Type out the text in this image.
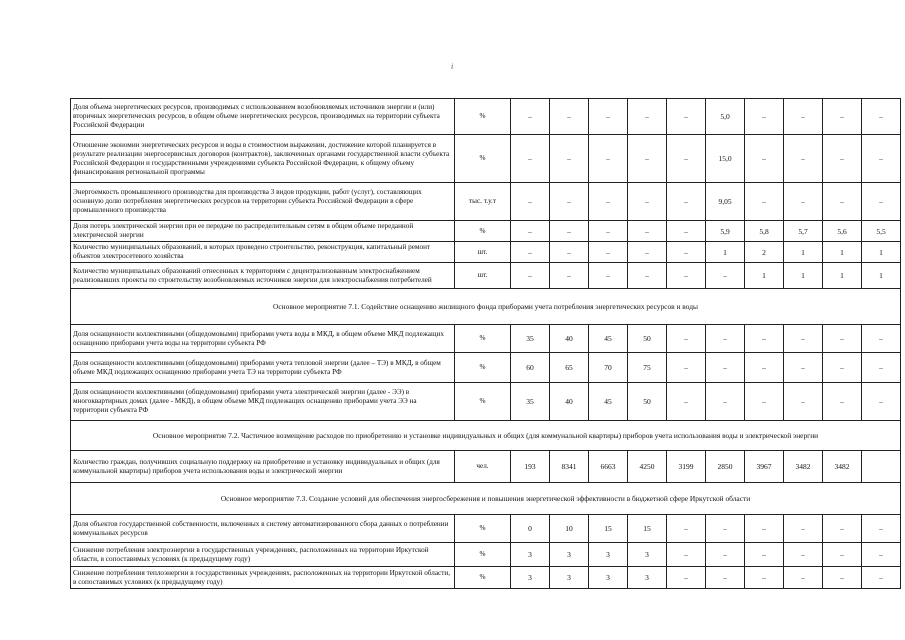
і
Доля объема энергетических ресурсов, производимых с использованием возобновляемых источников энергии и (или) вторичных энергетических ресурсов, в общем объеме энергетических ресурсов, производимых на территории субъекта Российской Федерации	%	–	–	–	–	–	5,0	–	–	–	–
Отношение экономии энергетических ресурсов и воды в стоимостном выражении, достижение которой планируется в результате реализации энергосервисных договоров (контрактов), заключенных органами государственной власти субъекта Российской Федерации и государственными учреждениями субъекта Российской Федерации, к общему объему финансирования региональной программы	%	–	–	–	–	–	15,0	–	–	–	–
Энергоемкость промышленного производства для производства 3 видов продукции, работ (услуг), составляющих основную долю потребления энергетических ресурсов на территории субъекта Российской Федерации в сфере промышленного производства	тыс. т.у.т	–	–	–	–	–	9,05	–	–	–	–
Доля потерь электрической энергии при ее передаче по распределительным сетям в общем объеме переданной электрической энергии	%	–	–	–	–	–	5,9	5,8	5,7	5,6	5,5
Количество муниципальных образований, в которых проведено строительство, реконструкция, капитальный ремонт объектов электросетевого хозяйства	шт.	–	–	–	–	–	1	2	1	1	1
Количество муниципальных образований отнесенных к территориям с децентрализованным электроснабжением реализовавших проекты по строительству возобновляемых источников энергии для электроснабжения потребителей	шт.	–	–	–	–	–	–	1	1	1	1
Основное мероприятие 7.1. Содействие оснащению жилищного фонда приборами учета потребления энергетических ресурсов и воды											
Доля оснащенности коллективными (общедомовыми) приборами учета воды в МКД, в общем объеме МКД подлежащих оснащению приборами учета воды на территории субъекта РФ	%	35	40	45	50	–	–	–	–	–	–
Доля оснащенности коллективными (общедомовыми) приборами учета тепловой энергии (далее – ТЭ) в МКД, в общем объеме МКД подлежащих оснащению приборами учета ТЭ на территории субъекта РФ	%	60	65	70	75	–	–	–	–	–	–
Доля оснащенности коллективными (общедомовыми) приборами учета электрической энергии (далее - ЭЭ) в многоквартирных домах (далее - МКД), в общем объеме МКД подлежащих оснащению приборами учета ЭЭ на территории субъекта РФ	%	35	40	45	50	–	–	–	–	–	–
Основное мероприятие 7.2. Частичное возмещение расходов по приобретению и установке индивидуальных и общих (для коммунальной квартиры) приборов учета использования воды и электрической энергии											
Количество граждан, получивших социальную поддержку на приобретение и установку индивидуальных и общих (для коммунальной квартиры) приборов учета использования воды и электрической энергии	чел.	193	8341	6663	4250	3199	2850	3967	3482	3482	
Основное мероприятие 7.3. Создание условий для обеспечения энергосбережения и повышения энергетической эффективности в бюджетной сфере Иркутской области											
Доля объектов государственной собственности, включенных в систему автоматизированного сбора данных о потреблении коммунальных ресурсов	%	0	10	15	15	–	–	–	–	–	–
Снижение потребления электроэнергии в государственных учреждениях, расположенных на территории Иркутской области, в сопоставимых условиях (к предыдущему году)	%	3	3	3	3	–	–	–	–	–	–
Снижение потребления теплоэнергии в государственных учреждениях, расположенных на территории Иркутской области, в сопоставимых условиях (к предыдущему году)	%	3	3	3	3	–	–	–	–	–	–
